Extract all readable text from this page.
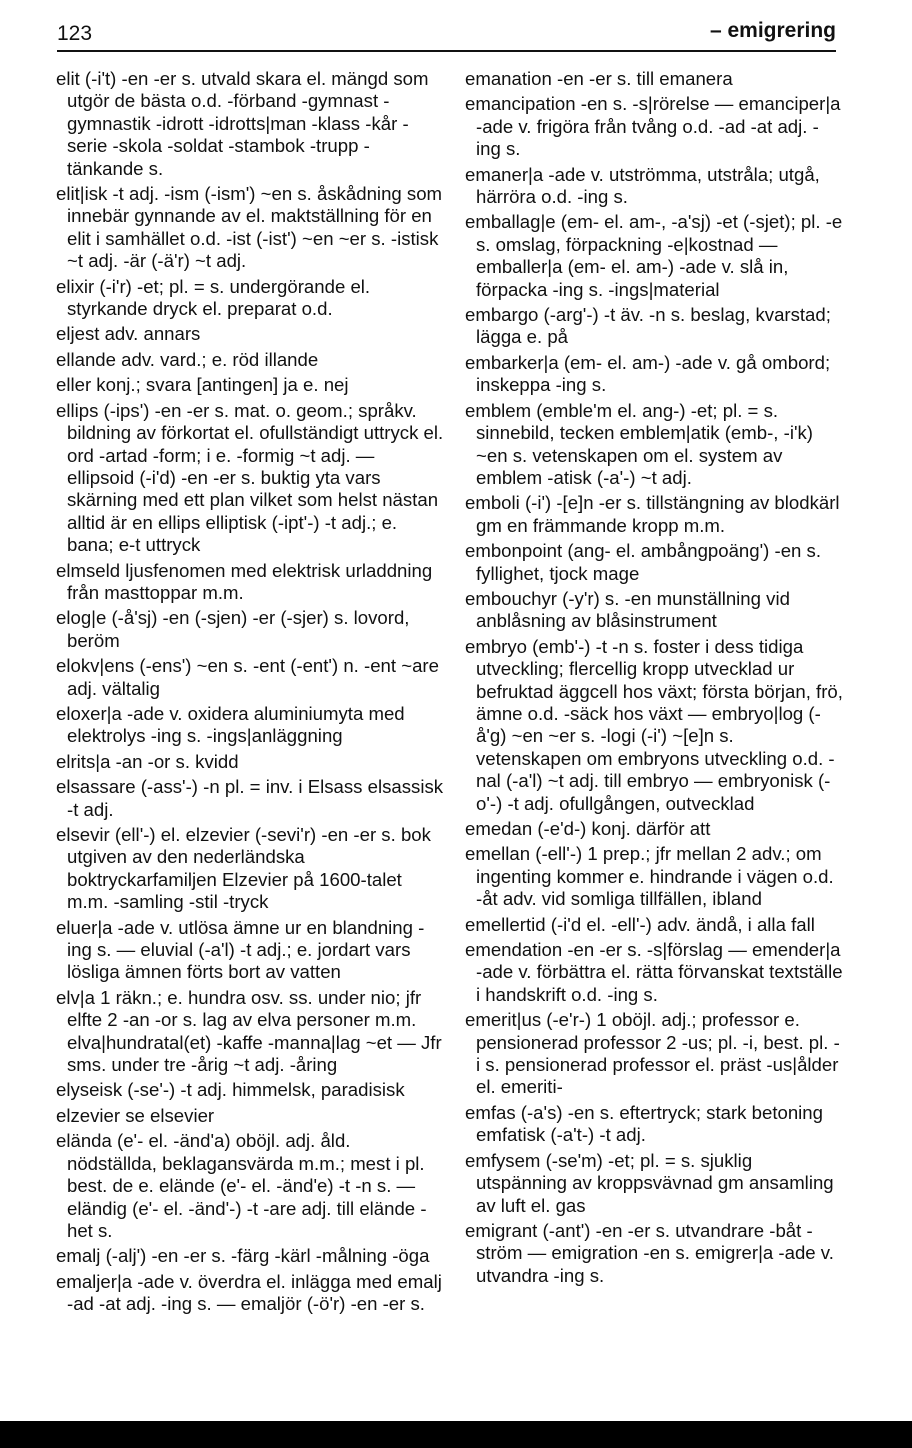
123	– emigrering

elit (-i't) -en -er s. utvald skara el. mängd som utgör de bästa o.d. -förband -gymnast -gymnastik -idrott -idrotts|man -klass -kår -serie -skola -soldat -stambok -trupp -tänkande s.

elit|isk -t adj. -ism (-ism') ~en s. åskådning som innebär gynnande av el. maktställning för en elit i samhället o.d. -ist (-ist') ~en ~er s. -istisk ~t adj. -är (-ä'r) ~t adj.

elixir (-i'r) -et; pl. = s. undergörande el. styrkande dryck el. preparat o.d.

eljest adv. annars

ellande adv. vard.; e. röd illande

eller konj.; svara [antingen] ja e. nej

ellips (-ips') -en -er s. mat. o. geom.; språkv. bildning av förkortat el. ofullständigt uttryck el. ord -artad -form; i e. -formig ~t adj. — ellipsoid (-i'd) -en -er s. buktig yta vars skärning med ett plan vilket som helst nästan alltid är en ellips elliptisk (-ipt'-) -t adj.; e. bana; e-t uttryck

elmseld ljusfenomen med elektrisk urladdning från masttoppar m.m.

elog|e (-å'sj) -en (-sjen) -er (-sjer) s. lovord, beröm

elokv|ens (-ens') ~en s. -ent (-ent') n. -ent ~are adj. vältalig

eloxer|a -ade v. oxidera aluminiumyta med elektrolys -ing s. -ings|anläggning

elrits|a -an -or s. kvidd

elsassare (-ass'-) -n pl. = inv. i Elsass elsassisk -t adj.

elsevir (ell'-) el. elzevier (-sevi'r) -en -er s. bok utgiven av den nederländska boktryckarfamiljen Elzevier på 1600-talet m.m. -samling -stil -tryck

eluer|a -ade v. utlösa ämne ur en blandning -ing s. — eluvial (-a'l) -t adj.; e. jordart vars lösliga ämnen förts bort av vatten

elv|a 1 räkn.; e. hundra osv. ss. under nio; jfr elfte 2 -an -or s. lag av elva personer m.m. elva|hundratal(et) -kaffe -manna|lag ~et — Jfr sms. under tre -årig ~t adj. -åring

elyseisk (-se'-) -t adj. himmelsk, paradisisk

elzevier se elsevier

elända (e'- el. -änd'a) oböjl. adj. åld. nödställda, beklagansvärda m.m.; mest i pl. best. de e. elände (e'- el. -änd'e) -t -n s. — eländig (e'- el. -änd'-) -t -are adj. till elände -het s.

emalj (-alj') -en -er s. -färg -kärl -målning -öga

emaljer|a -ade v. överdra el. inlägga med emalj -ad -at adj. -ing s. — emaljör (-ö'r) -en -er s.

emanation -en -er s. till emanera

emancipation -en s. -s|rörelse — emanciper|a -ade v. frigöra från tvång o.d. -ad -at adj. -ing s.

emaner|a -ade v. utströmma, utstråla; utgå, härröra o.d. -ing s.

emballag|e (em- el. am-, -a'sj) -et (-sjet); pl. -e s. omslag, förpackning -e|kostnad — emballer|a (em- el. am-) -ade v. slå in, förpacka -ing s. -ings|material

embargo (-arg'-) -t äv. -n s. beslag, kvarstad; lägga e. på

embarker|a (em- el. am-) -ade v. gå ombord; inskeppa -ing s.

emblem (emble'm el. ang-) -et; pl. = s. sinnebild, tecken emblem|atik (emb-, -i'k) ~en s. vetenskapen om el. system av emblem -atisk (-a'-) ~t adj.

emboli (-i') -[e]n -er s. tillstängning av blodkärl gm en främmande kropp m.m.

embonpoint (ang- el. ambångpoäng') -en s. fyllighet, tjock mage

embouchyr (-y'r) s. -en munställning vid anblåsning av blåsinstrument

embryo (emb'-) -t -n s. foster i dess tidiga utveckling; flercellig kropp utvecklad ur befruktad äggcell hos växt; första början, frö, ämne o.d. -säck hos växt — embryo|log (-å'g) ~en ~er s. -logi (-i') ~[e]n s. vetenskapen om embryons utveckling o.d. -nal (-a'l) ~t adj. till embryo — embryonisk (-o'-) -t adj. ofullgången, outvecklad

emedan (-e'd-) konj. därför att

emellan (-ell'-) 1 prep.; jfr mellan 2 adv.; om ingenting kommer e. hindrande i vägen o.d. -åt adv. vid somliga tillfällen, ibland

emellertid (-i'd el. -ell'-) adv. ändå, i alla fall

emendation -en -er s. -s|förslag — emender|a -ade v. förbättra el. rätta förvanskat textställe i handskrift o.d. -ing s.

emerit|us (-e'r-) 1 oböjl. adj.; professor e. pensionerad professor 2 -us; pl. -i, best. pl. -i s. pensionerad professor el. präst -us|ålder el. emeriti-

emfas (-a's) -en s. eftertryck; stark betoning emfatisk (-a't-) -t adj.

emfysem (-se'm) -et; pl. = s. sjuklig utspänning av kroppsvävnad gm ansamling av luft el. gas

emigrant (-ant') -en -er s. utvandrare -båt -ström — emigration -en s. emigrer|a -ade v. utvandra -ing s.
